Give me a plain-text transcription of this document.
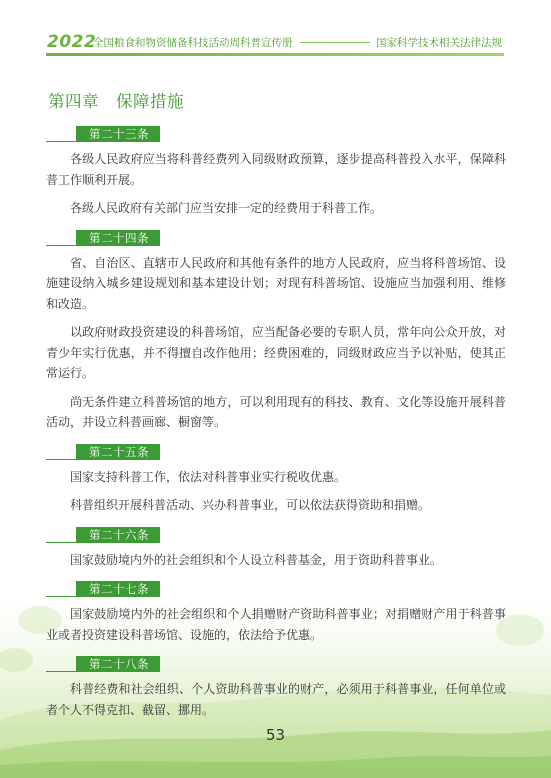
2022
全国粮食和物资储备科技活动周科普宣传册	国家科学技术相关法律法规
第四章　保障措施
第二十三条

各级人民政府应当将科普经费列入同级财政预算，逐步提高科普投入水平，保障科普工作顺利开展。

各级人民政府有关部门应当安排一定的经费用于科普工作。

第二十四条

省、自治区、直辖市人民政府和其他有条件的地方人民政府，应当将科普场馆、设施建设纳入城乡建设规划和基本建设计划；对现有科普场馆、设施应当加强利用、维修和改造。

以政府财政投资建设的科普场馆，应当配备必要的专职人员，常年向公众开放，对青少年实行优惠，并不得擅自改作他用；经费困难的，同级财政应当予以补贴，使其正常运行。

尚无条件建立科普场馆的地方，可以利用现有的科技、教育、文化等设施开展科普活动，并设立科普画廊、橱窗等。

第二十五条

国家支持科普工作，依法对科普事业实行税收优惠。

科普组织开展科普活动、兴办科普事业，可以依法获得资助和捐赠。

第二十六条

国家鼓励境内外的社会组织和个人设立科普基金，用于资助科普事业。

第二十七条

国家鼓励境内外的社会组织和个人捐赠财产资助科普事业；对捐赠财产用于科普事业或者投资建设科普场馆、设施的，依法给予优惠。

第二十八条

科普经费和社会组织、个人资助科普事业的财产，必须用于科普事业，任何单位或者个人不得克扣、截留、挪用。

53
